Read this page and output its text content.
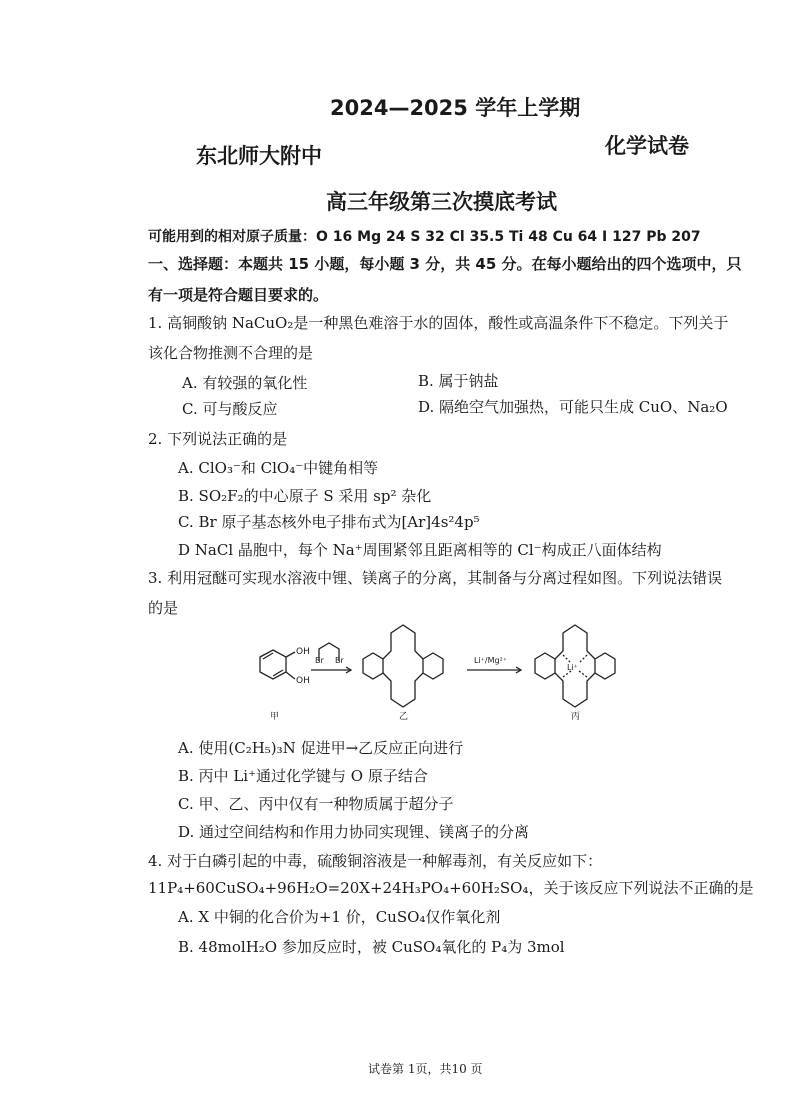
2024—2025 学年上学期
东北师大附中	化学试卷
高三年级第三次摸底考试
可能用到的相对原子质量：O 16 Mg 24 S 32 Cl 35.5 Ti 48 Cu 64 I 127 Pb 207
一、选择题：本题共 15 小题，每小题 3 分，共 45 分。在每小题给出的四个选项中，只
有一项是符合题目要求的。
1. 高铜酸钠 NaCuO₂是一种黑色难溶于水的固体，酸性或高温条件下不稳定。下列关于
该化合物推测不合理的是
A. 有较强的氧化性	B. 属于钠盐
C. 可与酸反应	D. 隔绝空气加强热，可能只生成 CuO、Na₂O
2. 下列说法正确的是
A. ClO₃⁻和 ClO₄⁻中键角相等
B. SO₂F₂的中心原子 S 采用 sp² 杂化
C. Br 原子基态核外电子排布式为[Ar]4s²4p⁵
D NaCl 晶胞中，每个 Na⁺周围紧邻且距离相等的 Cl⁻构成正八面体结构
3. 利用冠醚可实现水溶液中锂、镁离子的分离，其制备与分离过程如图。下列说法错误
的是
OH
OH
Br Br	Li⁺/Mg²⁺
Li⁺
甲	乙	丙
A. 使用(C₂H₅)₃N 促进甲→乙反应正向进行
B. 丙中 Li⁺通过化学键与 O 原子结合
C. 甲、乙、丙中仅有一种物质属于超分子
D. 通过空间结构和作用力协同实现锂、镁离子的分离
4. 对于白磷引起的中毒，硫酸铜溶液是一种解毒剂，有关反应如下：
11P₄+60CuSO₄+96H₂O=20X+24H₃PO₄+60H₂SO₄，关于该反应下列说法不正确的是
A. X 中铜的化合价为+1 价，CuSO₄仅作氧化剂
B. 48molH₂O 参加反应时，被 CuSO₄氧化的 P₄为 3mol
试卷第 1页，共10 页
